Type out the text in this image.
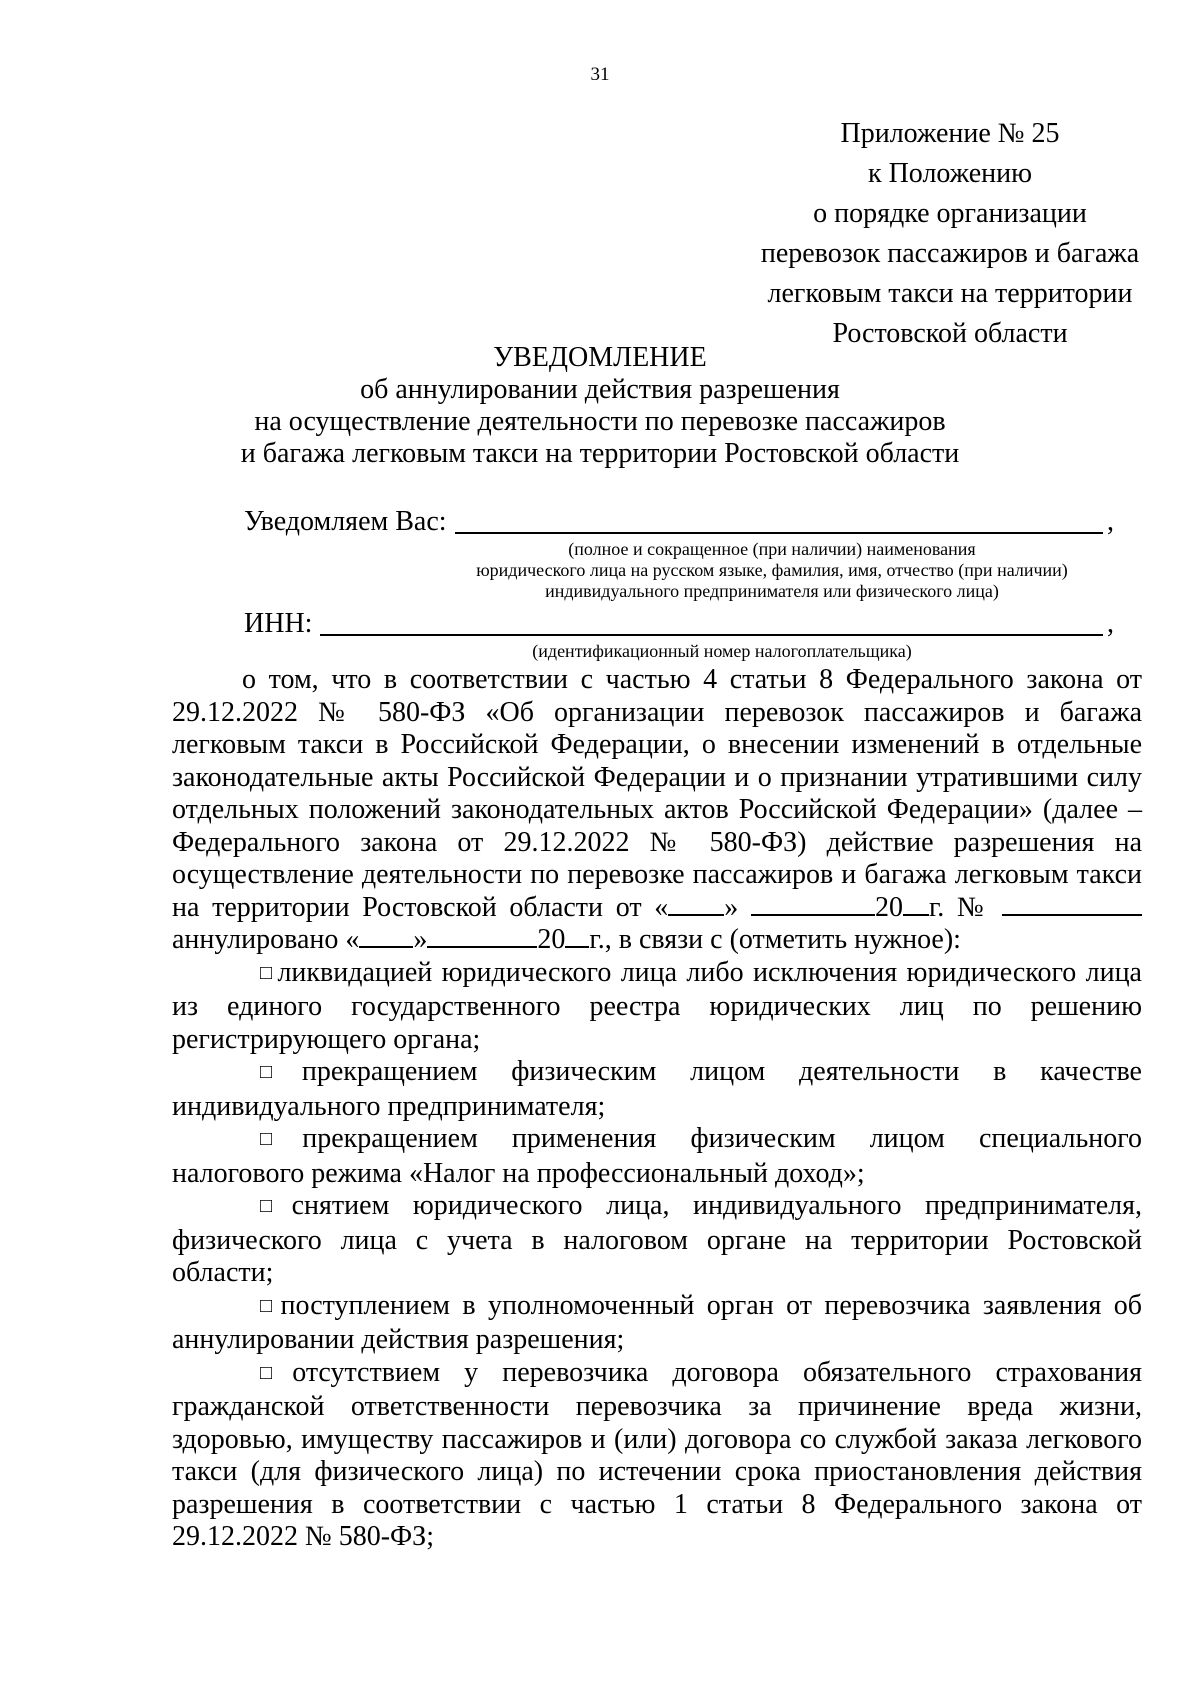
31
Приложение № 25
к Положению
о порядке организации
перевозок пассажиров и багажа
легковым такси на территории
Ростовской области
УВЕДОМЛЕНИЕ
об аннулировании действия разрешения
на осуществление деятельности по перевозке пассажиров
и багажа легковым такси на территории Ростовской области
Уведомляем Вас:	,
(полное и сокращенное (при наличии) наименования
юридического лица на русском языке, фамилия, имя, отчество (при наличии)
индивидуального предпринимателя или физического лица)
ИНН:	,
(идентификационный номер налогоплательщика)

о том, что в соответствии с частью 4 статьи 8 Федерального закона от 29.12.2022 № 580-ФЗ «Об организации перевозок пассажиров и багажа легковым такси в Российской Федерации, о внесении изменений в отдельные законодательные акты Российской Федерации и о признании утратившими силу отдельных положений законодательных актов Российской Федерации» (далее – Федерального закона от 29.12.2022 № 580-ФЗ) действие разрешения на осуществление деятельности по перевозке пассажиров и багажа легковым такси на территории Ростовской области от « »	20 г. №  аннулировано « »	20 г., в связи с (отметить нужное):

□ ликвидацией юридического лица либо исключения юридического лица из единого государственного реестра юридических лиц по решению регистрирующего органа;

□ прекращением физическим лицом деятельности в качестве индивидуального предпринимателя;

□ прекращением применения физическим лицом специального налогового режима «Налог на профессиональный доход»;

□ снятием юридического лица, индивидуального предпринимателя, физического лица с учета в налоговом органе на территории Ростовской области;

□ поступлением в уполномоченный орган от перевозчика заявления об аннулировании действия разрешения;

□ отсутствием у перевозчика договора обязательного страхования гражданской ответственности перевозчика за причинение вреда жизни, здоровью, имуществу пассажиров и (или) договора со службой заказа легкового такси (для физического лица) по истечении срока приостановления действия разрешения в соответствии с частью 1 статьи 8 Федерального закона от 29.12.2022 № 580-ФЗ;
